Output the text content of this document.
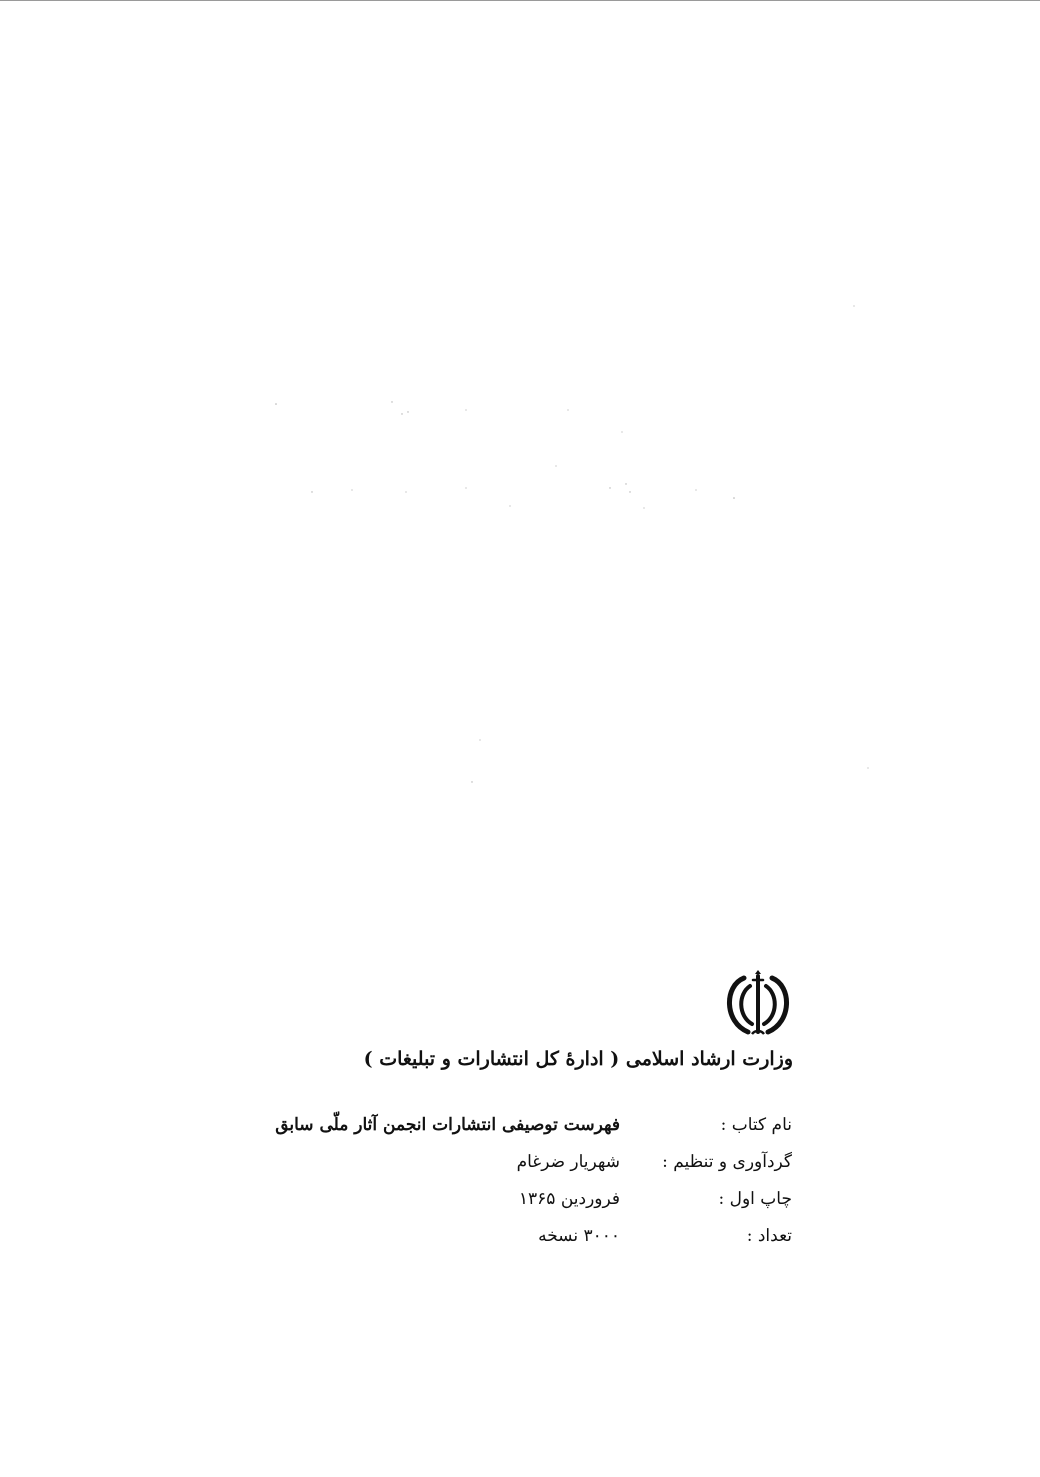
وزارت ارشاد اسلامی ( ادارهٔ کل انتشارات و تبلیغات )
نام کتاب :
فهرست توصیفی انتشارات انجمن آثار ملّی سابق
گردآوری و تنظیم :
شهریار ضرغام
چاپ اول :
فروردین ۱۳۶۵
تعداد :
۳۰۰۰ نسخه
